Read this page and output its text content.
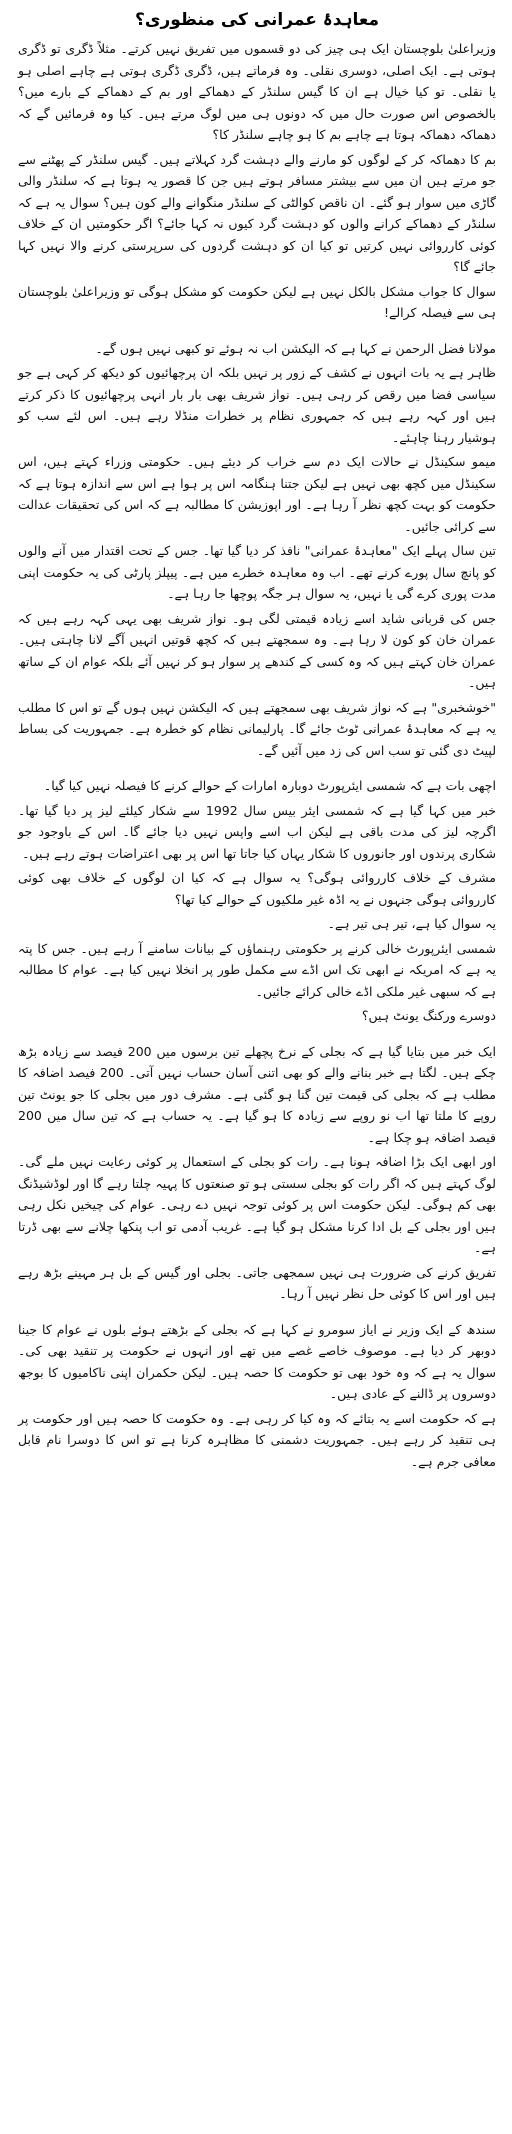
معاہدۂ عمرانی کی منظوری؟

وزیراعلیٰ بلوچستان ایک ہی چیز کی دو قسموں میں تفریق نہیں کرتے۔ مثلاً ڈگری تو ڈگری ہوتی ہے۔ ایک اصلی، دوسری نقلی۔ وہ فرماتے ہیں، ڈگری ڈگری ہوتی ہے چاہے اصلی ہو یا نقلی۔ تو کیا خیال ہے ان کا گیس سلنڈر کے دھماکے اور بم کے دھماکے کے بارے میں؟ بالخصوص اس صورت حال میں کہ دونوں ہی میں لوگ مرتے ہیں۔ کیا وہ فرمائیں گے کہ دھماکہ دھماکہ ہوتا ہے چاہے بم کا ہو چاہے سلنڈر کا؟

بم کا دھماکہ کر کے لوگوں کو مارنے والے دہشت گرد کہلاتے ہیں۔ گیس سلنڈر کے پھٹنے سے جو مرتے ہیں ان میں سے بیشتر مسافر ہوتے ہیں جن کا قصور یہ ہوتا ہے کہ سلنڈر والی گاڑی میں سوار ہو گئے۔ ان ناقص کوالٹی کے سلنڈر منگوانے والے کون ہیں؟ سوال یہ ہے کہ سلنڈر کے دھماکے کرانے والوں کو دہشت گرد کیوں نہ کہا جائے؟ اگر حکومتیں ان کے خلاف کوئی کارروائی نہیں کرتیں تو کیا ان کو دہشت گردوں کی سرپرستی کرنے والا نہیں کہا جائے گا؟

سوال کا جواب مشکل بالکل نہیں ہے لیکن حکومت کو مشکل ہوگی تو وزیراعلیٰ بلوچستان ہی سے فیصلہ کرالے!

مولانا فضل الرحمن نے کہا ہے کہ الیکشن اب نہ ہوئے تو کبھی نہیں ہوں گے۔

ظاہر ہے یہ بات انہوں نے کشف کے زور پر نہیں بلکہ ان پرچھائیوں کو دیکھ کر کہی ہے جو سیاسی فضا میں رقص کر رہی ہیں۔ نواز شریف بھی بار بار انہی پرچھائیوں کا ذکر کرتے ہیں اور کہہ رہے ہیں کہ جمہوری نظام پر خطرات منڈلا رہے ہیں۔ اس لئے سب کو ہوشیار رہنا چاہئے۔

میمو سکینڈل نے حالات ایک دم سے خراب کر دیئے ہیں۔ حکومتی وزراء کہتے ہیں، اس سکینڈل میں کچھ بھی نہیں ہے لیکن جتنا ہنگامہ اس پر ہوا ہے اس سے اندازہ ہوتا ہے کہ حکومت کو بہت کچھ نظر آ رہا ہے۔ اور اپوزیشن کا مطالبہ ہے کہ اس کی تحقیقات عدالت سے کرائی جائیں۔

تین سال پہلے ایک "معاہدۂ عمرانی" نافذ کر دیا گیا تھا۔ جس کے تحت اقتدار میں آنے والوں کو پانچ سال پورے کرنے تھے۔ اب وہ معاہدہ خطرے میں ہے۔ پیپلز پارٹی کی یہ حکومت اپنی مدت پوری کرے گی یا نہیں، یہ سوال ہر جگہ پوچھا جا رہا ہے۔

جس کی قربانی شاید اسے زیادہ قیمتی لگی ہو۔ نواز شریف بھی یہی کہہ رہے ہیں کہ عمران خان کو کون لا رہا ہے۔ وہ سمجھتے ہیں کہ کچھ قوتیں انہیں آگے لانا چاہتی ہیں۔ عمران خان کہتے ہیں کہ وہ کسی کے کندھے پر سوار ہو کر نہیں آئے بلکہ عوام ان کے ساتھ ہیں۔

"خوشخبری" ہے کہ نواز شریف بھی سمجھتے ہیں کہ الیکشن نہیں ہوں گے تو اس کا مطلب یہ ہے کہ معاہدۂ عمرانی ٹوٹ جائے گا۔ پارلیمانی نظام کو خطرہ ہے۔ جمہوریت کی بساط لپیٹ دی گئی تو سب اس کی زد میں آئیں گے۔

اچھی بات ہے کہ شمسی ایئرپورٹ دوبارہ امارات کے حوالے کرنے کا فیصلہ نہیں کیا گیا۔

خبر میں کہا گیا ہے کہ شمسی ایئر بیس سال 1992 سے شکار کیلئے لیز پر دیا گیا تھا۔ اگرچہ لیز کی مدت باقی ہے لیکن اب اسے واپس نہیں دیا جائے گا۔ اس کے باوجود جو شکاری پرندوں اور جانوروں کا شکار یہاں کیا جاتا تھا اس پر بھی اعتراضات ہوتے رہے ہیں۔

مشرف کے خلاف کارروائی ہوگی؟ یہ سوال ہے کہ کیا ان لوگوں کے خلاف بھی کوئی کارروائی ہوگی جنہوں نے یہ اڈہ غیر ملکیوں کے حوالے کیا تھا؟

یہ سوال کیا ہے، تیر ہی تیر ہے۔

شمسی ایئرپورٹ خالی کرنے پر حکومتی رہنماؤں کے بیانات سامنے آ رہے ہیں۔ جس کا پتہ یہ ہے کہ امریکہ نے ابھی تک اس اڈے سے مکمل طور پر انخلا نہیں کیا ہے۔ عوام کا مطالبہ ہے کہ سبھی غیر ملکی اڈے خالی کرائے جائیں۔

دوسرے ورکنگ یونٹ ہیں؟

ایک خبر میں بتایا گیا ہے کہ بجلی کے نرخ پچھلے تین برسوں میں 200 فیصد سے زیادہ بڑھ چکے ہیں۔ لگتا ہے خبر بنانے والے کو بھی اتنی آسان حساب نہیں آتی۔ 200 فیصد اضافہ کا مطلب ہے کہ بجلی کی قیمت تین گنا ہو گئی ہے۔ مشرف دور میں بجلی کا جو یونٹ تین روپے کا ملتا تھا اب نو روپے سے زیادہ کا ہو گیا ہے۔ یہ حساب ہے کہ تین سال میں 200 فیصد اضافہ ہو چکا ہے۔

اور ابھی ایک بڑا اضافہ ہونا ہے۔ رات کو بجلی کے استعمال پر کوئی رعایت نہیں ملے گی۔ لوگ کہتے ہیں کہ اگر رات کو بجلی سستی ہو تو صنعتوں کا پہیہ چلتا رہے گا اور لوڈشیڈنگ بھی کم ہوگی۔ لیکن حکومت اس پر کوئی توجہ نہیں دے رہی۔ عوام کی چیخیں نکل رہی ہیں اور بجلی کے بل ادا کرنا مشکل ہو گیا ہے۔ غریب آدمی تو اب پنکھا چلانے سے بھی ڈرتا ہے۔

تفریق کرنے کی ضرورت ہی نہیں سمجھی جاتی۔ بجلی اور گیس کے بل ہر مہینے بڑھ رہے ہیں اور اس کا کوئی حل نظر نہیں آ رہا۔

سندھ کے ایک وزیر نے ایاز سومرو نے کہا ہے کہ بجلی کے بڑھتے ہوئے بلوں نے عوام کا جینا دوبھر کر دیا ہے۔ موصوف خاصے غصے میں تھے اور انہوں نے حکومت پر تنقید بھی کی۔ سوال یہ ہے کہ وہ خود بھی تو حکومت کا حصہ ہیں۔ لیکن حکمران اپنی ناکامیوں کا بوجھ دوسروں پر ڈالنے کے عادی ہیں۔

ہے کہ حکومت اسے یہ بتائے کہ وہ کیا کر رہی ہے۔ وہ حکومت کا حصہ ہیں اور حکومت پر ہی تنقید کر رہے ہیں۔ جمہوریت دشمنی کا مظاہرہ کرنا ہے تو اس کا دوسرا نام قابل معافی جرم ہے۔
